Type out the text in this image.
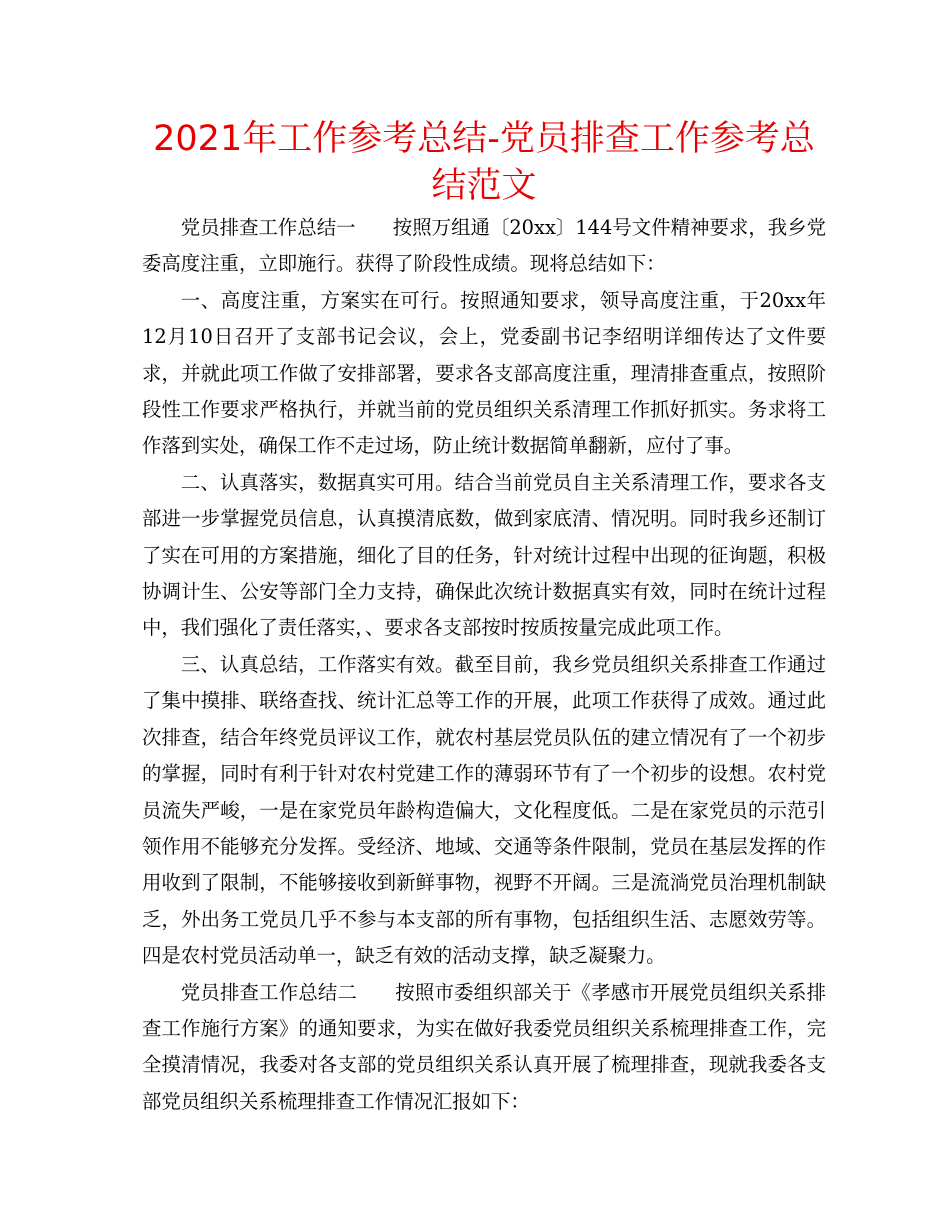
2021年工作参考总结-党员排查工作参考总结范文

党员排查工作总结一      按照万组通〔20xx〕144号文件精神要求，我乡党委高度注重，立即施行。获得了阶段性成绩。现将总结如下：

一、高度注重，方案实在可行。按照通知要求，领导高度注重，于20xx年12月10日召开了支部书记会议，会上，党委副书记李绍明详细传达了文件要求，并就此项工作做了安排部署，要求各支部高度注重，理清排查重点，按照阶段性工作要求严格执行，并就当前的党员组织关系清理工作抓好抓实。务求将工作落到实处，确保工作不走过场，防止统计数据简单翻新，应付了事。

二、认真落实，数据真实可用。结合当前党员自主关系清理工作，要求各支部进一步掌握党员信息，认真摸清底数，做到家底清、情况明。同时我乡还制订了实在可用的方案措施，细化了目的任务，针对统计过程中出现的征询题，积极协调计生、公安等部门全力支持，确保此次统计数据真实有效，同时在统计过程中，我们强化了责任落实，、要求各支部按时按质按量完成此项工作。

三、认真总结，工作落实有效。截至目前，我乡党员组织关系排查工作通过了集中摸排、联络查找、统计汇总等工作的开展，此项工作获得了成效。通过此次排查，结合年终党员评议工作，就农村基层党员队伍的建立情况有了一个初步的掌握，同时有利于针对农村党建工作的薄弱环节有了一个初步的设想。农村党员流失严峻，一是在家党员年龄构造偏大，文化程度低。二是在家党员的示范引领作用不能够充分发挥。受经济、地域、交通等条件限制，党员在基层发挥的作用收到了限制，不能够接收到新鲜事物，视野不开阔。三是流淌党员治理机制缺乏，外出务工党员几乎不参与本支部的所有事物，包括组织生活、志愿效劳等。四是农村党员活动单一，缺乏有效的活动支撑，缺乏凝聚力。

党员排查工作总结二      按照市委组织部关于《孝感市开展党员组织关系排查工作施行方案》的通知要求，为实在做好我委党员组织关系梳理排查工作，完全摸清情况，我委对各支部的党员组织关系认真开展了梳理排查，现就我委各支部党员组织关系梳理排查工作情况汇报如下：
